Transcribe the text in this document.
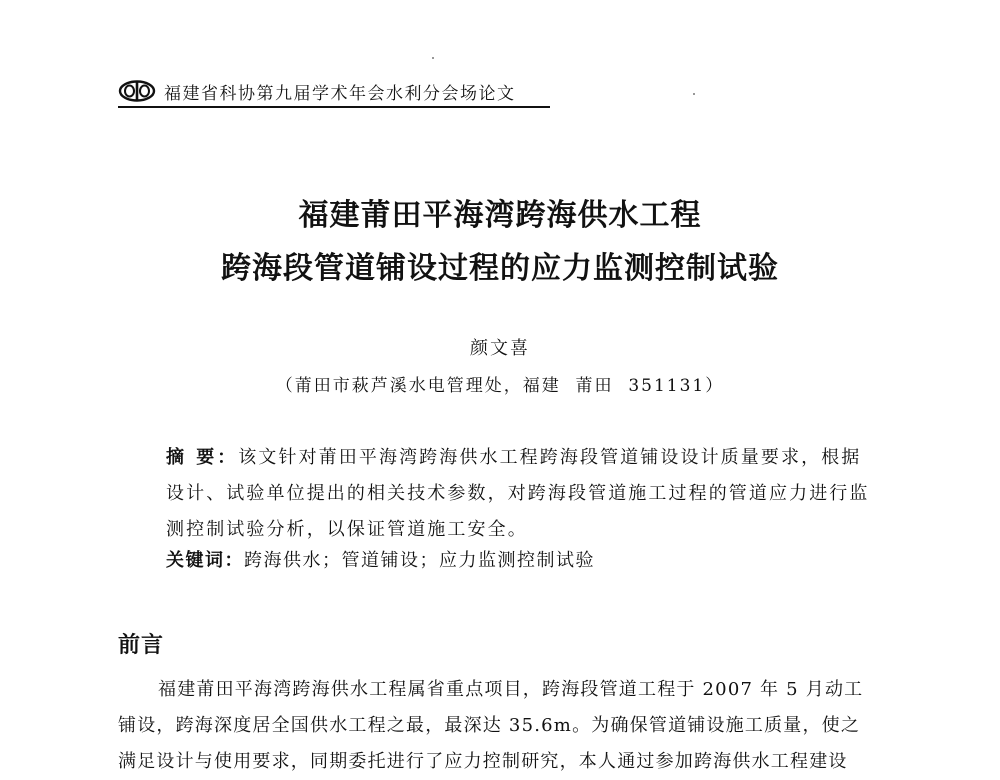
福建省科协第九届学术年会水利分会场论文
福建莆田平海湾跨海供水工程
跨海段管道铺设过程的应力监测控制试验
颜文喜
（莆田市萩芦溪水电管理处，福建  莆田  351131）
摘 要：该文针对莆田平海湾跨海供水工程跨海段管道铺设设计质量要求，根据
设计、试验单位提出的相关技术参数，对跨海段管道施工过程的管道应力进行监
测控制试验分析，以保证管道施工安全。
关键词：跨海供水；管道铺设；应力监测控制试验
前言
福建莆田平海湾跨海供水工程属省重点项目，跨海段管道工程于 2007 年 5 月动工
铺设，跨海深度居全国供水工程之最，最深达 35.6m。为确保管道铺设施工质量，使之
满足设计与使用要求，同期委托进行了应力控制研究，本人通过参加跨海供水工程建设
